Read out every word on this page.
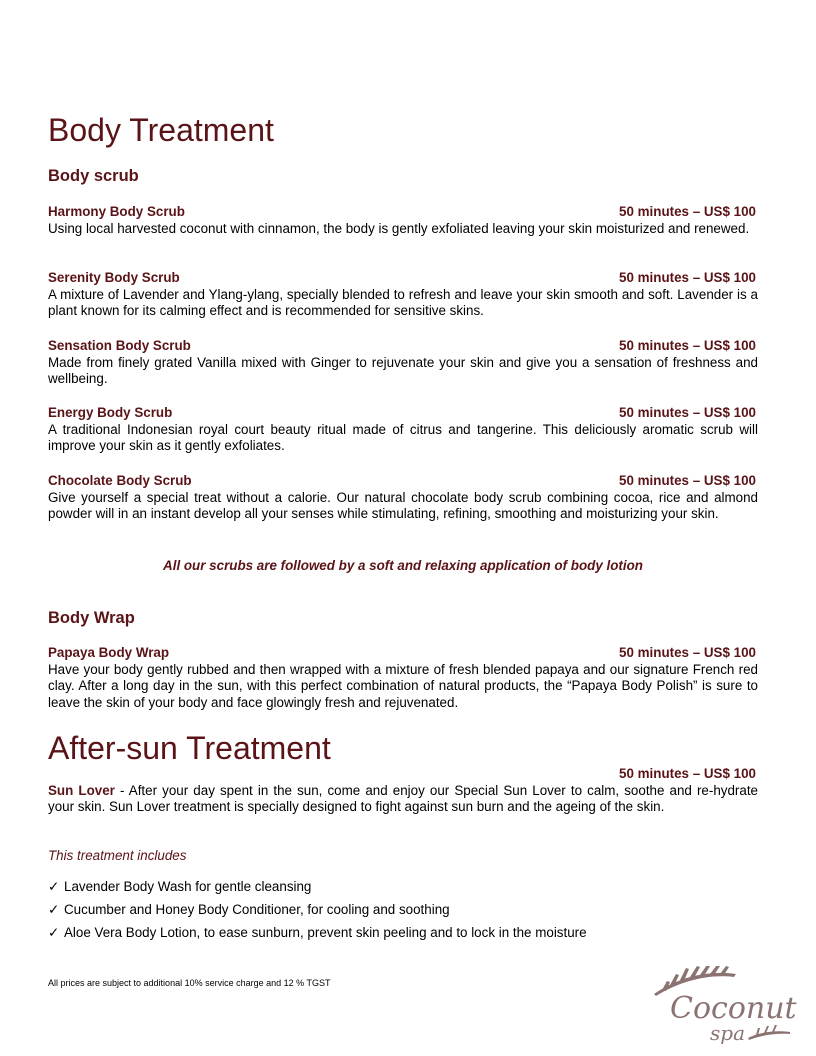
Body Treatment
Body scrub
Harmony Body Scrub	50 minutes – US$ 100
Using local harvested coconut with cinnamon, the body is gently exfoliated leaving your skin moisturized and renewed.
Serenity Body Scrub	50 minutes – US$ 100
A mixture of Lavender and Ylang-ylang, specially blended to refresh and leave your skin smooth and soft. Lavender is a plant known for its calming effect and is recommended for sensitive skins.
Sensation Body Scrub	50 minutes – US$ 100
Made from finely grated Vanilla mixed with Ginger to rejuvenate your skin and give you a sensation of freshness and wellbeing.
Energy Body Scrub	50 minutes – US$ 100
A traditional Indonesian royal court beauty ritual made of citrus and tangerine. This deliciously aromatic scrub will improve your skin as it gently exfoliates.
Chocolate Body Scrub	50 minutes – US$ 100
Give yourself a special treat without a calorie. Our natural chocolate body scrub combining cocoa, rice and almond powder will in an instant develop all your senses while stimulating, refining, smoothing and moisturizing your skin.
All our scrubs are followed by a soft and relaxing application of body lotion
Body Wrap
Papaya Body Wrap	50 minutes – US$ 100
Have your body gently rubbed and then wrapped with a mixture of fresh blended papaya and our signature French red clay. After a long day in the sun, with this perfect combination of natural products, the “Papaya Body Polish” is sure to leave the skin of your body and face glowingly fresh and rejuvenated.
After-sun Treatment
50 minutes – US$ 100
Sun Lover - After your day spent in the sun, come and enjoy our Special Sun Lover to calm, soothe and re-hydrate your skin. Sun Lover treatment is specially designed to fight against sun burn and the ageing of the skin.
This treatment includes
✓ Lavender Body Wash for gentle cleansing
✓ Cucumber and Honey Body Conditioner, for cooling and soothing
✓ Aloe Vera Body Lotion, to ease sunburn, prevent skin peeling and to lock in the moisture
All prices are subject to additional 10% service charge and 12 % TGST
Coconut
spa
